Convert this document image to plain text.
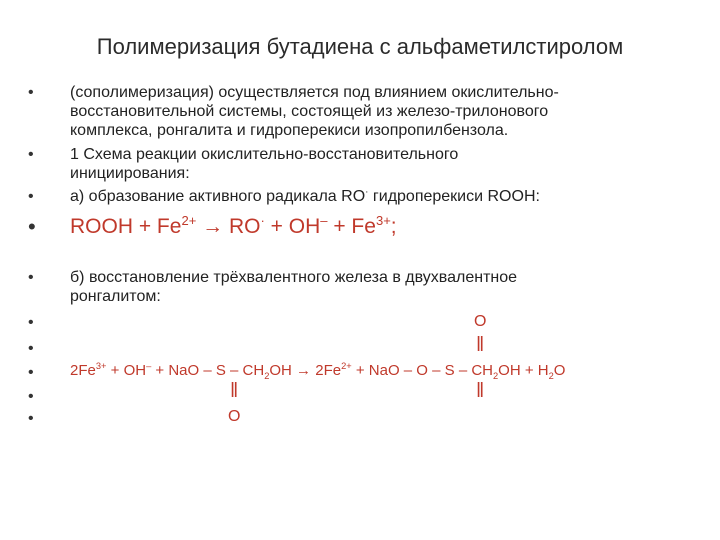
Полимеризация бутадиена с альфаметилстиролом
•	(сополимеризация) осуществляется под влиянием окислительно-
восстановительной системы, состоящей из железо-трилонового
комплекса, ронгалита и гидроперекиси изопропилбензола.
•	1 Схема реакции окислительно-восстановительного
инициирования:
•	а) образование активного радикала RO· гидроперекиси ROOH:
•	ROOH + $Fe^{2+} \to RO^\cdot + OH^- + Fe^{3+}$;
•	б) восстановление трёхвалентного железа в двухвалентное
ронгалитом:
•
•
•
•
•
O
‖
$2Fe^{3+} + OH^-$ + NaO – $S - CH_2OH \to 2Fe^{2+}$ + NaO – $O - S - CH_2OH + H_2O$
‖	‖
O
